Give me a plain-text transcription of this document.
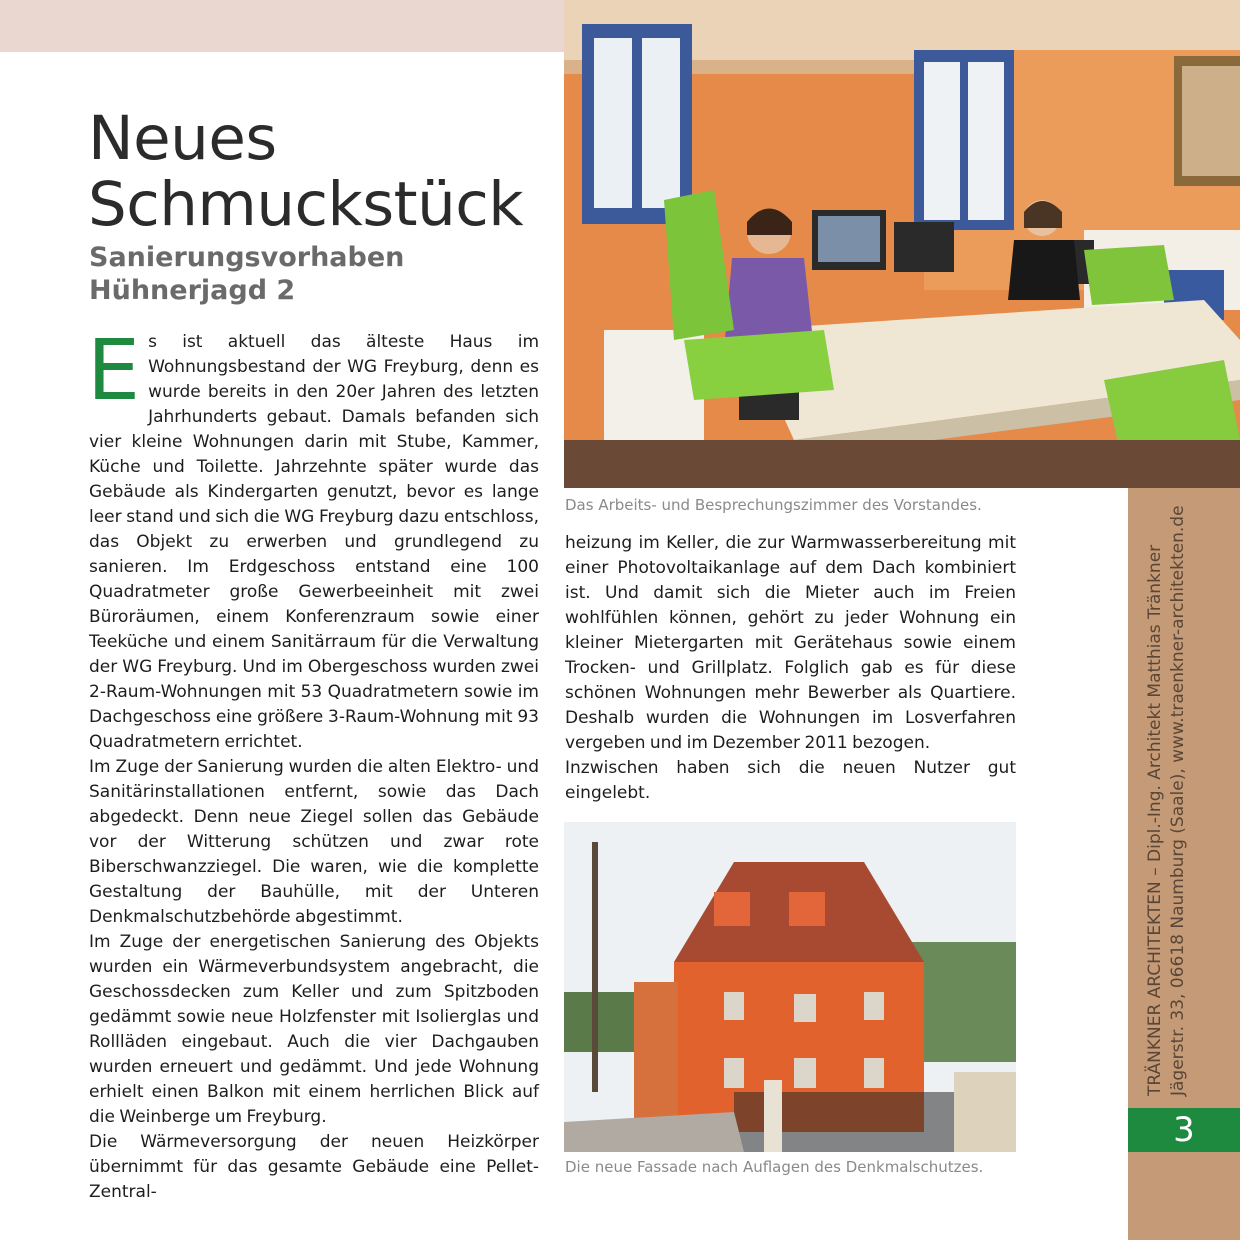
Neues
Schmuckstück
Sanierungsvorhaben
Hühnerjagd 2

Es ist aktuell das älteste Haus im Wohnungsbestand der WG Freyburg, denn es wurde bereits in den 20er Jahren des letzten Jahrhunderts gebaut. Damals befanden sich vier kleine Wohnungen darin mit Stube, Kammer, Küche und Toilette. Jahrzehnte später wurde das Gebäude als Kindergarten genutzt, bevor es lange leer stand und sich die WG Freyburg dazu entschloss, das Objekt zu erwerben und grundlegend zu sanieren. Im Erdgeschoss entstand eine 100 Quadratmeter große Gewerbeeinheit mit zwei Büroräumen, einem Konferenzraum sowie einer Teeküche und einem Sanitärraum für die Verwaltung der WG Freyburg. Und im Obergeschoss wurden zwei 2-Raum-Wohnungen mit 53 Quadratmetern sowie im Dachgeschoss eine größere 3-Raum-Wohnung mit 93 Quadratmetern errichtet.

Im Zuge der Sanierung wurden die alten Elektro- und Sanitärinstallationen entfernt, sowie das Dach abgedeckt. Denn neue Ziegel sollen das Gebäude vor der Witterung schützen und zwar rote Biberschwanzziegel. Die waren, wie die komplette Gestaltung der Bauhülle, mit der Unteren Denkmalschutzbehörde abgestimmt.

Im Zuge der energetischen Sanierung des Objekts wurden ein Wärmeverbundsystem angebracht, die Geschossdecken zum Keller und zum Spitzboden gedämmt sowie neue Holzfenster mit Isolierglas und Rollläden eingebaut. Auch die vier Dachgauben wurden erneuert und gedämmt. Und jede Wohnung erhielt einen Balkon mit einem herrlichen Blick auf die Weinberge um Freyburg.

Die Wärmeversorgung der neuen Heizkörper übernimmt für das gesamte Gebäude eine Pellet-Zentral-

Das Arbeits- und Besprechungszimmer des Vorstandes.

heizung im Keller, die zur Warmwasserbereitung mit einer Photovoltaikanlage auf dem Dach kombiniert ist. Und damit sich die Mieter auch im Freien wohlfühlen können, gehört zu jeder Wohnung ein kleiner Mietergarten mit Gerätehaus sowie einem Trocken- und Grillplatz. Folglich gab es für diese schönen Wohnungen mehr Bewerber als Quartiere. Deshalb wurden die Wohnungen im Losverfahren vergeben und im Dezember 2011 bezogen.

Inzwischen haben sich die neuen Nutzer gut eingelebt.

Die neue Fassade nach Auflagen des Denkmalschutzes.
TRÄNKNER ARCHITEKTEN – Dipl.-Ing. Architekt Matthias Tränkner Jägerstr. 33, 06618 Naumburg (Saale), www.traenkner-architekten.de
3
